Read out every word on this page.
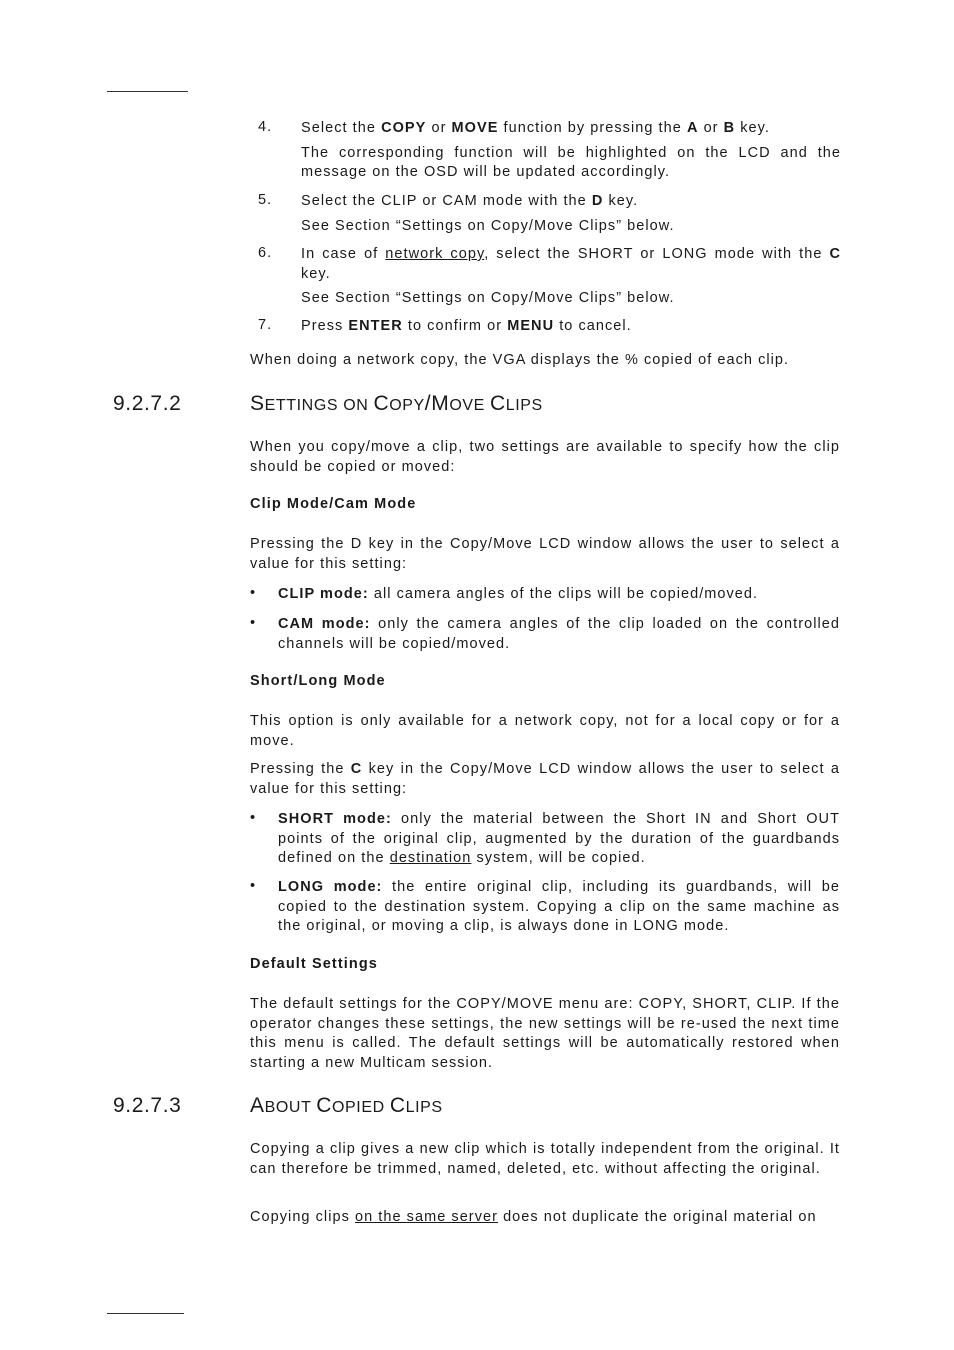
4. Select the COPY or MOVE function by pressing the A or B key.

The corresponding function will be highlighted on the LCD and the message on the OSD will be updated accordingly.

5. Select the CLIP or CAM mode with the D key.

See Section “Settings on Copy/Move Clips” below.

6. In case of network copy, select the SHORT or LONG mode with the C key.

See Section “Settings on Copy/Move Clips” below.

7. Press ENTER to confirm or MENU to cancel.

When doing a network copy, the VGA displays the % copied of each clip.

9.2.7.2	SETTINGS ON COPY/MOVE CLIPS

When you copy/move a clip, two settings are available to specify how the clip should be copied or moved:

Clip Mode/Cam Mode

Pressing the D key in the Copy/Move LCD window allows the user to select a value for this setting:

• CLIP mode: all camera angles of the clips will be copied/moved.

• CAM mode: only the camera angles of the clip loaded on the controlled channels will be copied/moved.

Short/Long Mode

This option is only available for a network copy, not for a local copy or for a move.

Pressing the C key in the Copy/Move LCD window allows the user to select a value for this setting:

• SHORT mode: only the material between the Short IN and Short OUT points of the original clip, augmented by the duration of the guardbands defined on the destination system, will be copied.

• LONG mode: the entire original clip, including its guardbands, will be copied to the destination system. Copying a clip on the same machine as the original, or moving a clip, is always done in LONG mode.

Default Settings

The default settings for the COPY/MOVE menu are: COPY, SHORT, CLIP. If the operator changes these settings, the new settings will be re-used the next time this menu is called. The default settings will be automatically restored when starting a new Multicam session.

9.2.7.3	ABOUT COPIED CLIPS

Copying a clip gives a new clip which is totally independent from the original. It can therefore be trimmed, named, deleted, etc. without affecting the original.

Copying clips on the same server does not duplicate the original material on
